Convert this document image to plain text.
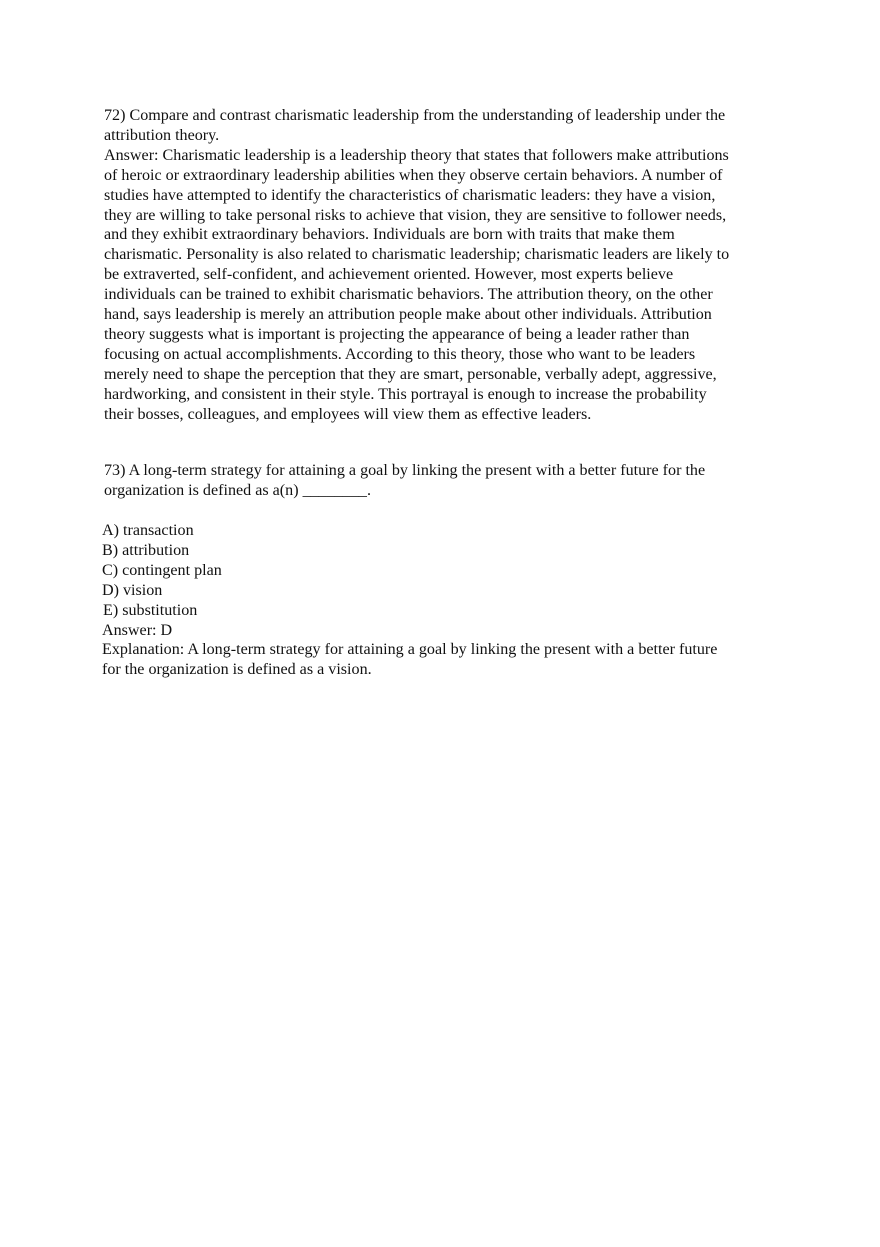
72) Compare and contrast charismatic leadership from the understanding of leadership under the
attribution theory.
Answer: Charismatic leadership is a leadership theory that states that followers make attributions
of heroic or extraordinary leadership abilities when they observe certain behaviors. A number of
studies have attempted to identify the characteristics of charismatic leaders: they have a vision,
they are willing to take personal risks to achieve that vision, they are sensitive to follower needs,
and they exhibit extraordinary behaviors. Individuals are born with traits that make them
charismatic. Personality is also related to charismatic leadership; charismatic leaders are likely to
be extraverted, self-confident, and achievement oriented. However, most experts believe
individuals can be trained to exhibit charismatic behaviors. The attribution theory, on the other
hand, says leadership is merely an attribution people make about other individuals. Attribution
theory suggests what is important is projecting the appearance of being a leader rather than
focusing on actual accomplishments. According to this theory, those who want to be leaders
merely need to shape the perception that they are smart, personable, verbally adept, aggressive,
hardworking, and consistent in their style. This portrayal is enough to increase the probability
their bosses, colleagues, and employees will view them as effective leaders.
73) A long-term strategy for attaining a goal by linking the present with a better future for the
organization is defined as a(n) ________.
A) transaction
B) attribution
C) contingent plan
D) vision
E) substitution
Answer: D
Explanation: A long-term strategy for attaining a goal by linking the present with a better future
for the organization is defined as a vision.
